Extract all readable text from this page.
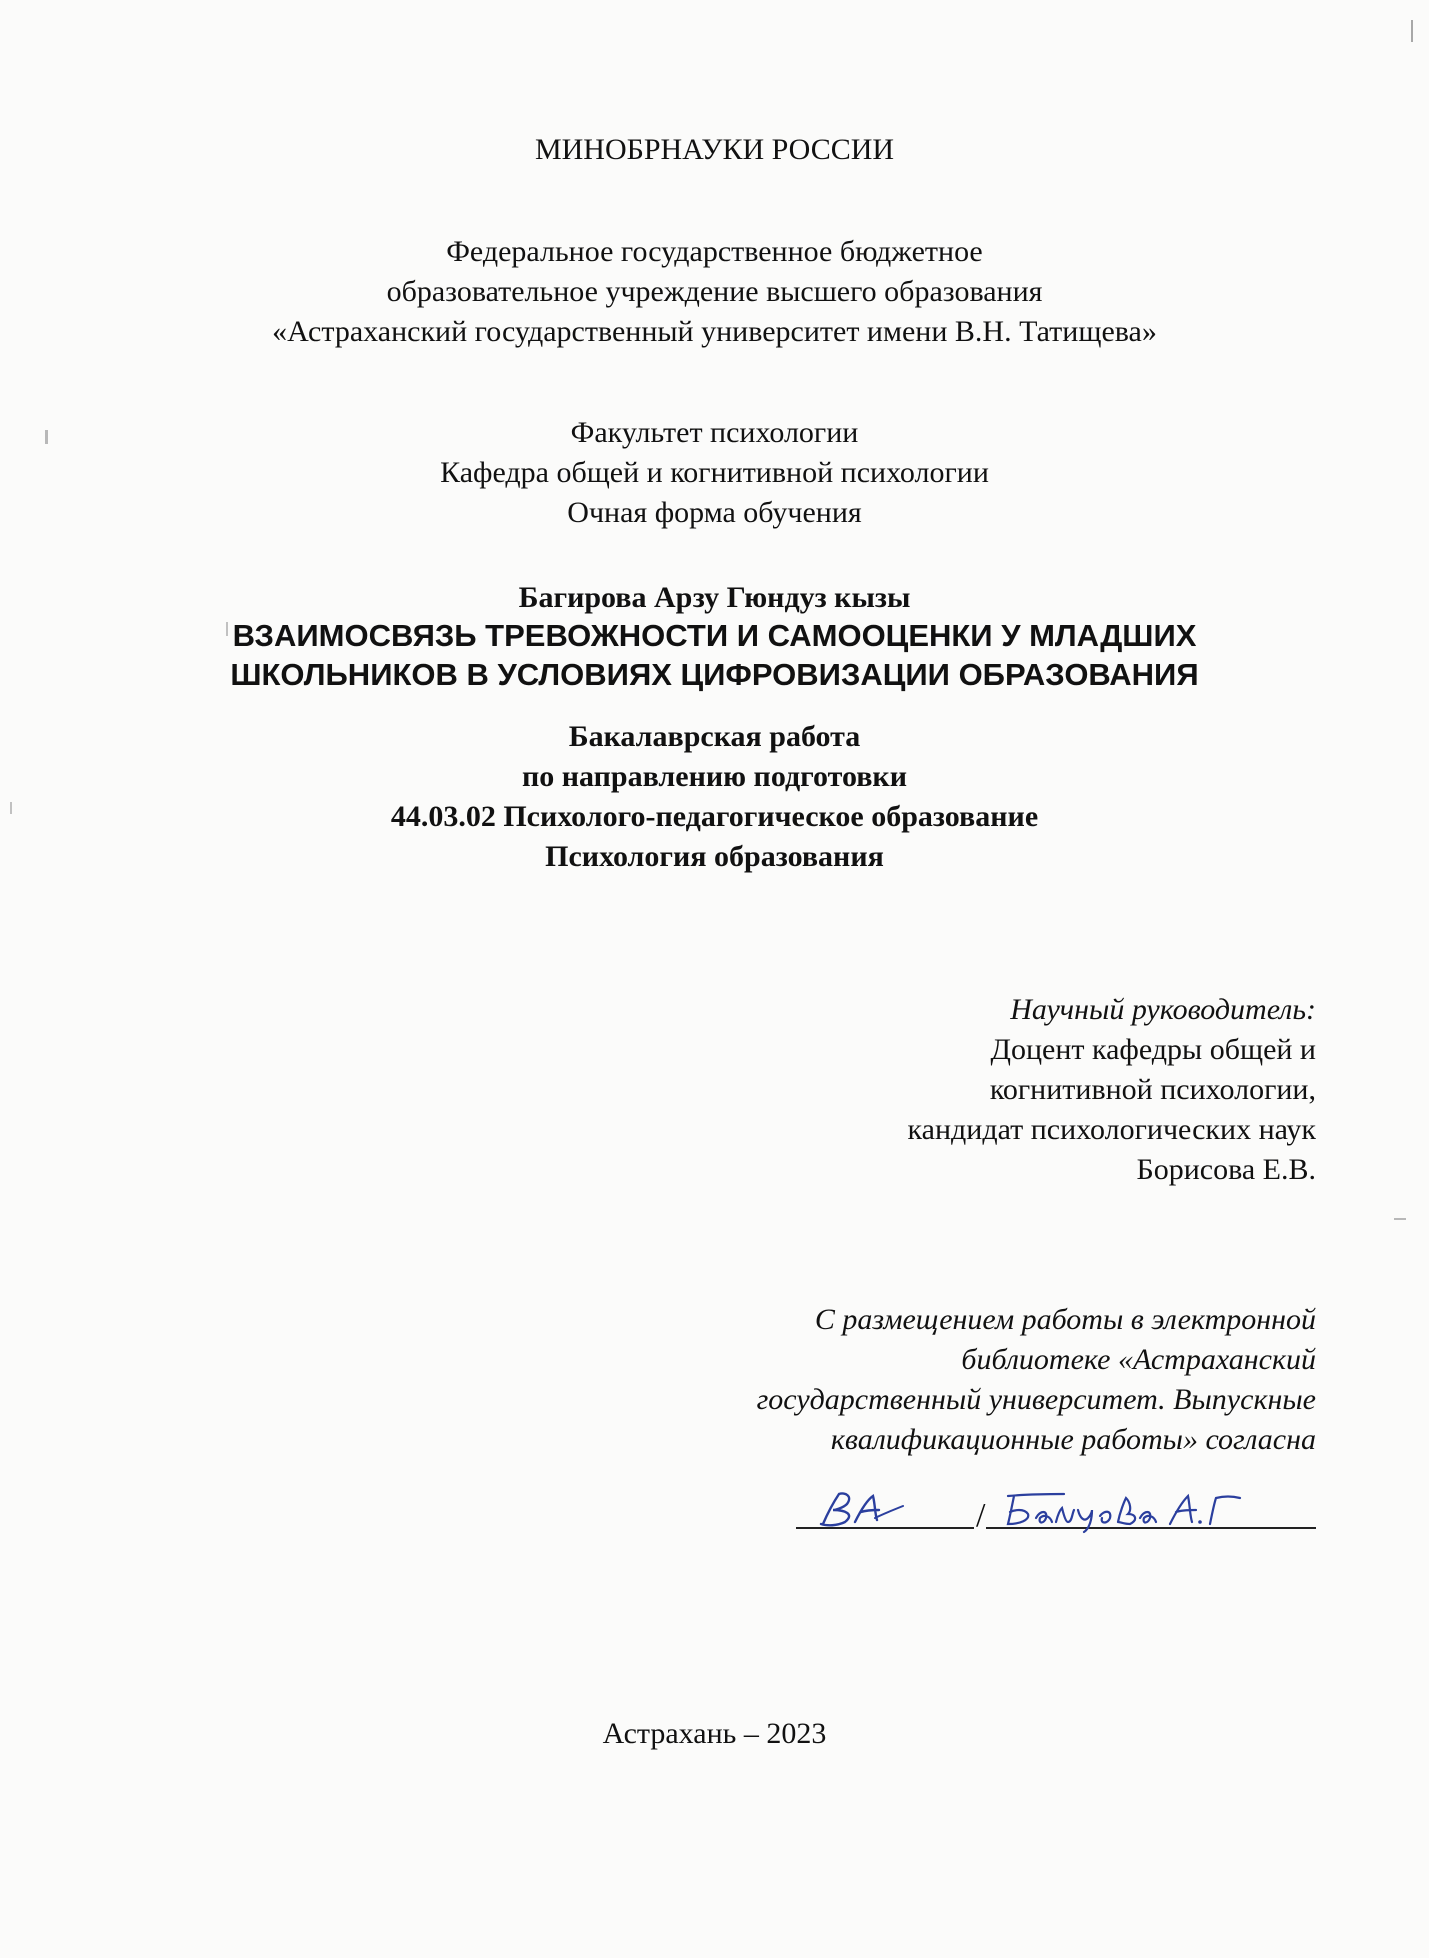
МИНОБРНАУКИ РОССИИ
Федеральное государственное бюджетное
образовательное учреждение высшего образования
«Астраханский государственный университет имени В.Н. Татищева»
Факультет психологии
Кафедра общей и когнитивной психологии
Очная форма обучения
Багирова Арзу Гюндуз кызы
ВЗАИМОСВЯЗЬ ТРЕВОЖНОСТИ И САМООЦЕНКИ У МЛАДШИХ
ШКОЛЬНИКОВ В УСЛОВИЯХ ЦИФРОВИЗАЦИИ ОБРАЗОВАНИЯ
Бакалаврская работа
по направлению подготовки
44.03.02 Психолого-педагогическое образование
Психология образования
Научный руководитель:
Доцент кафедры общей и
когнитивной психологии,
кандидат психологических наук
Борисова Е.В.
С размещением работы в электронной
библиотеке «Астраханский
государственный университет. Выпускные
квалификационные работы» согласна
/
Астрахань – 2023
